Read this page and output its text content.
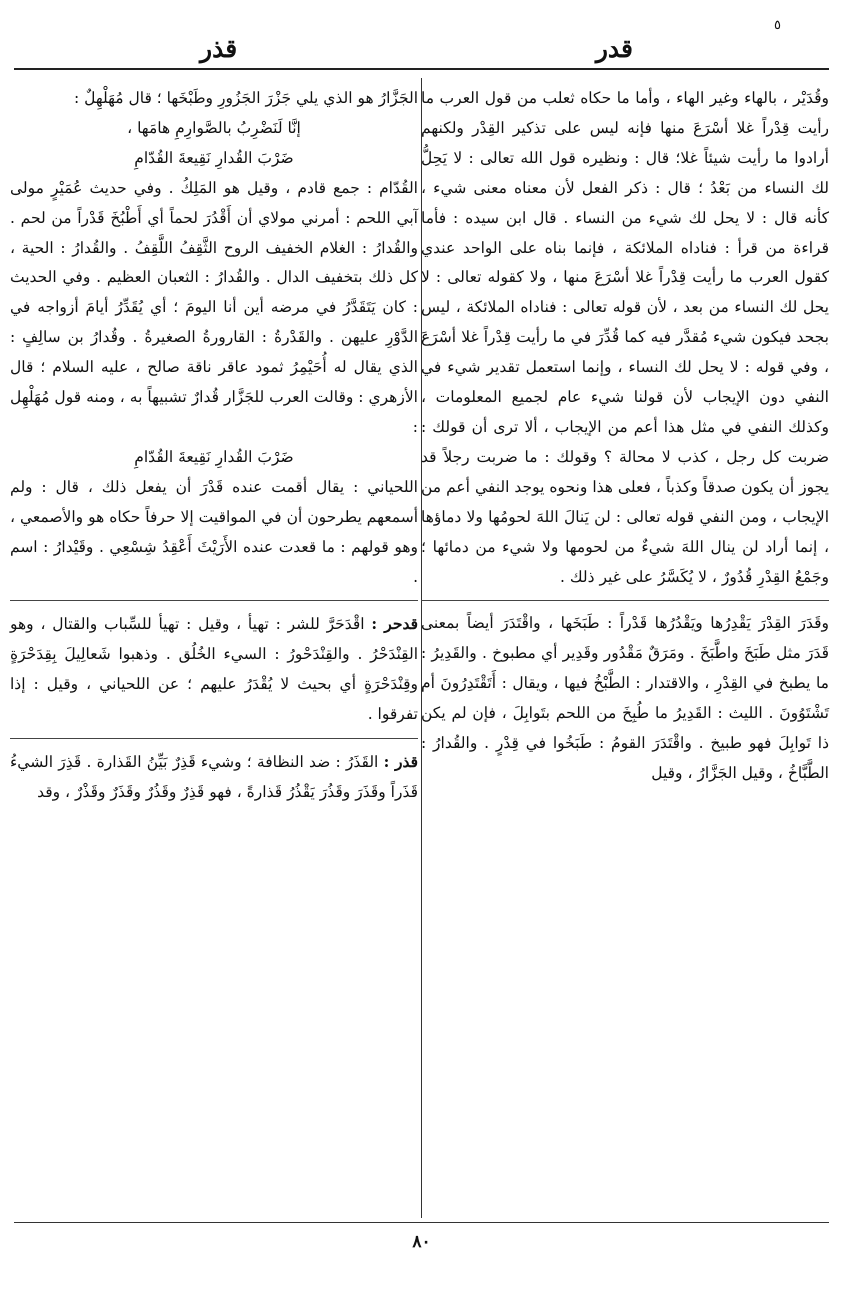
٥
قدر
قذر
وقُدَيْر ، بالهاء وغير الهاء ، وأما ما حكاه ثعلب من قول العرب ما رأيت قِدْراً غلا أسْرَعَ منها فإنه ليس على تذكير القِدْر ولكنهم أرادوا ما رأيت شيئاً غلا؛ قال : ونظيره قول الله تعالى : لا يَحِلُّ لك النساء من بَعْدُ ؛ قال : ذكر الفعل لأن معناه معنى شيء ، كأنه قال : لا يحل لك شيء من النساء . قال ابن سيده : فأما قراءة من قرأ : فناداه الملائكة ، فإنما بناه على الواحد عندي كقول العرب ما رأيت قِدْراً غلا أسْرَعَ منها ، ولا كقوله تعالى : لا يحل لك النساء من بعد ، لأن قوله تعالى : فناداه الملائكة ، ليس بجحد فيكون شيء مُقدَّر فيه كما قُدِّرَ في ما رأيت قِدْراً غلا أسْرَعَ ، وفي قوله : لا يحل لك النساء ، وإنما استعمل تقدير شيء في النفي دون الإيجاب لأن قولنا شيء عام لجميع المعلومات ، وكذلك النفي في مثل هذا أعم من الإيجاب ، ألا ترى أن قولك : ضربت كل رجل ، كذب لا محالة ؟ وقولك : ما ضربت رجلاً قد يجوز أن يكون صدقاً وكذباً ، فعلى هذا ونحوه يوجد النفي أعم من الإيجاب ، ومن النفي قوله تعالى : لن يَنالَ اللهَ لحومُها ولا دماؤها ، إنما أراد لن ينال اللهَ شيءٌ من لحومها ولا شيء من دمائها ؛ وجَمْعُ القِدْرِ قُدُورٌ ، لا يُكَسَّرُ على غير ذلك .
وقَدَرَ القِدْرَ يَقْدِرُها ويَقْدُرُها قَدْراً : طَبَخَها ، واقْتَدَرَ أيضاً بمعنى قَدَرَ مثل طَبَخَ واطَّبَخَ . ومَرَقٌ مَقْدُور وقَدِير أي مطبوخ . والقَدِيرُ : ما يطبخ في القِدْرِ ، والاقتدار : الطَّبْخُ فيها ، ويقال : أَتَقْتَدِرُونَ أم تَشْتَوُونَ . الليث : القَدِيرُ ما طُبِخَ من اللحم بتَوابِلَ ، فإن لم يكن ذا تَوابِلَ فهو طبيخ . واقْتَدَرَ القومُ : طَبَخُوا في قِدْرٍ . والقُدارُ : الطَّبَّاخُ ، وقيل الجَزَّارُ ، وقيل
الجَزَّارُ هو الذي يلي جَزْرَ الجَزُورِ وطَبْخَها ؛ قال مُهَلْهِلٌ :
إنَّا لَنَضْرِبُ بالصَّوارِمِ هامَها ،
ضَرْبَ القُدارِ نَقِيعةَ القُدّامِ
القُدّام : جمع قادم ، وقيل هو المَلِكُ . وفي حديث عُمَيْرٍ مولى آبي اللحم : أمرني مولاي أن أَقْدُرَ لحماً أي أَطْبُخَ قَدْراً من لحم . والقُدارُ : الغلام الخفيف الروح الثَّقِفُ اللَّقِفُ . والقُدارُ : الحية ، كل ذلك بتخفيف الدال . والقُدارُ : الثعبان العظيم . وفي الحديث : كان يَتَقَدَّرُ في مرضه أين أنا اليومَ ؛ أي يُقَدِّرُ أيامَ أزواجه في الدَّوْرِ عليهن . والقَدْرةُ : القارورةُ الصغيرةُ . وقُدارُ بن سالِفٍ : الذي يقال له أُحَيْمِرُ ثمود عاقر ناقة صالح ، عليه السلام ؛ قال الأزهري : وقالت العرب للجَزَّار قُدارٌ تشبيهاً به ، ومنه قول مُهَلْهِل :
ضَرْبَ القُدارِ نَقِيعةَ القُدّامِ
اللحياني : يقال أقمت عنده قَدْرَ أن يفعل ذلك ، قال : ولم أسمعهم يطرحون أن في المواقيت إلا حرفاً حكاه هو والأصمعي ، وهو قولهم : ما قعدت عنده الأَرَيْثَ أَعْقِدُ شِسْعِي . وقَيْدارُ : اسم .
قدحر : اقْدَحَرَّ للشر : تهيأ ، وقيل : تهيأ للسِّباب والقتال ، وهو القِنْدَحْرُ . والقِنْدَحْورُ : السيء الخُلُق . وذهبوا شَعالِيلَ بِقِدَحْرَةٍ وقِنْدَحْرَةٍ أي بحيث لا يُقْدَرُ عليهم ؛ عن اللحياني ، وقيل : إذا تفرقوا .
قذر : القَذَرُ : ضد النظافة ؛ وشيء قَذِرٌ بَيِّنُ القَذارة . قَذِرَ الشيءُ قَذَراً وقَذَرَ وقَذُرَ يَقْذُرُ قَذارةً ، فهو قَذِرٌ وقَذُرٌ وقَذَرٌ وقَذْرٌ ، وقد
٨٠
